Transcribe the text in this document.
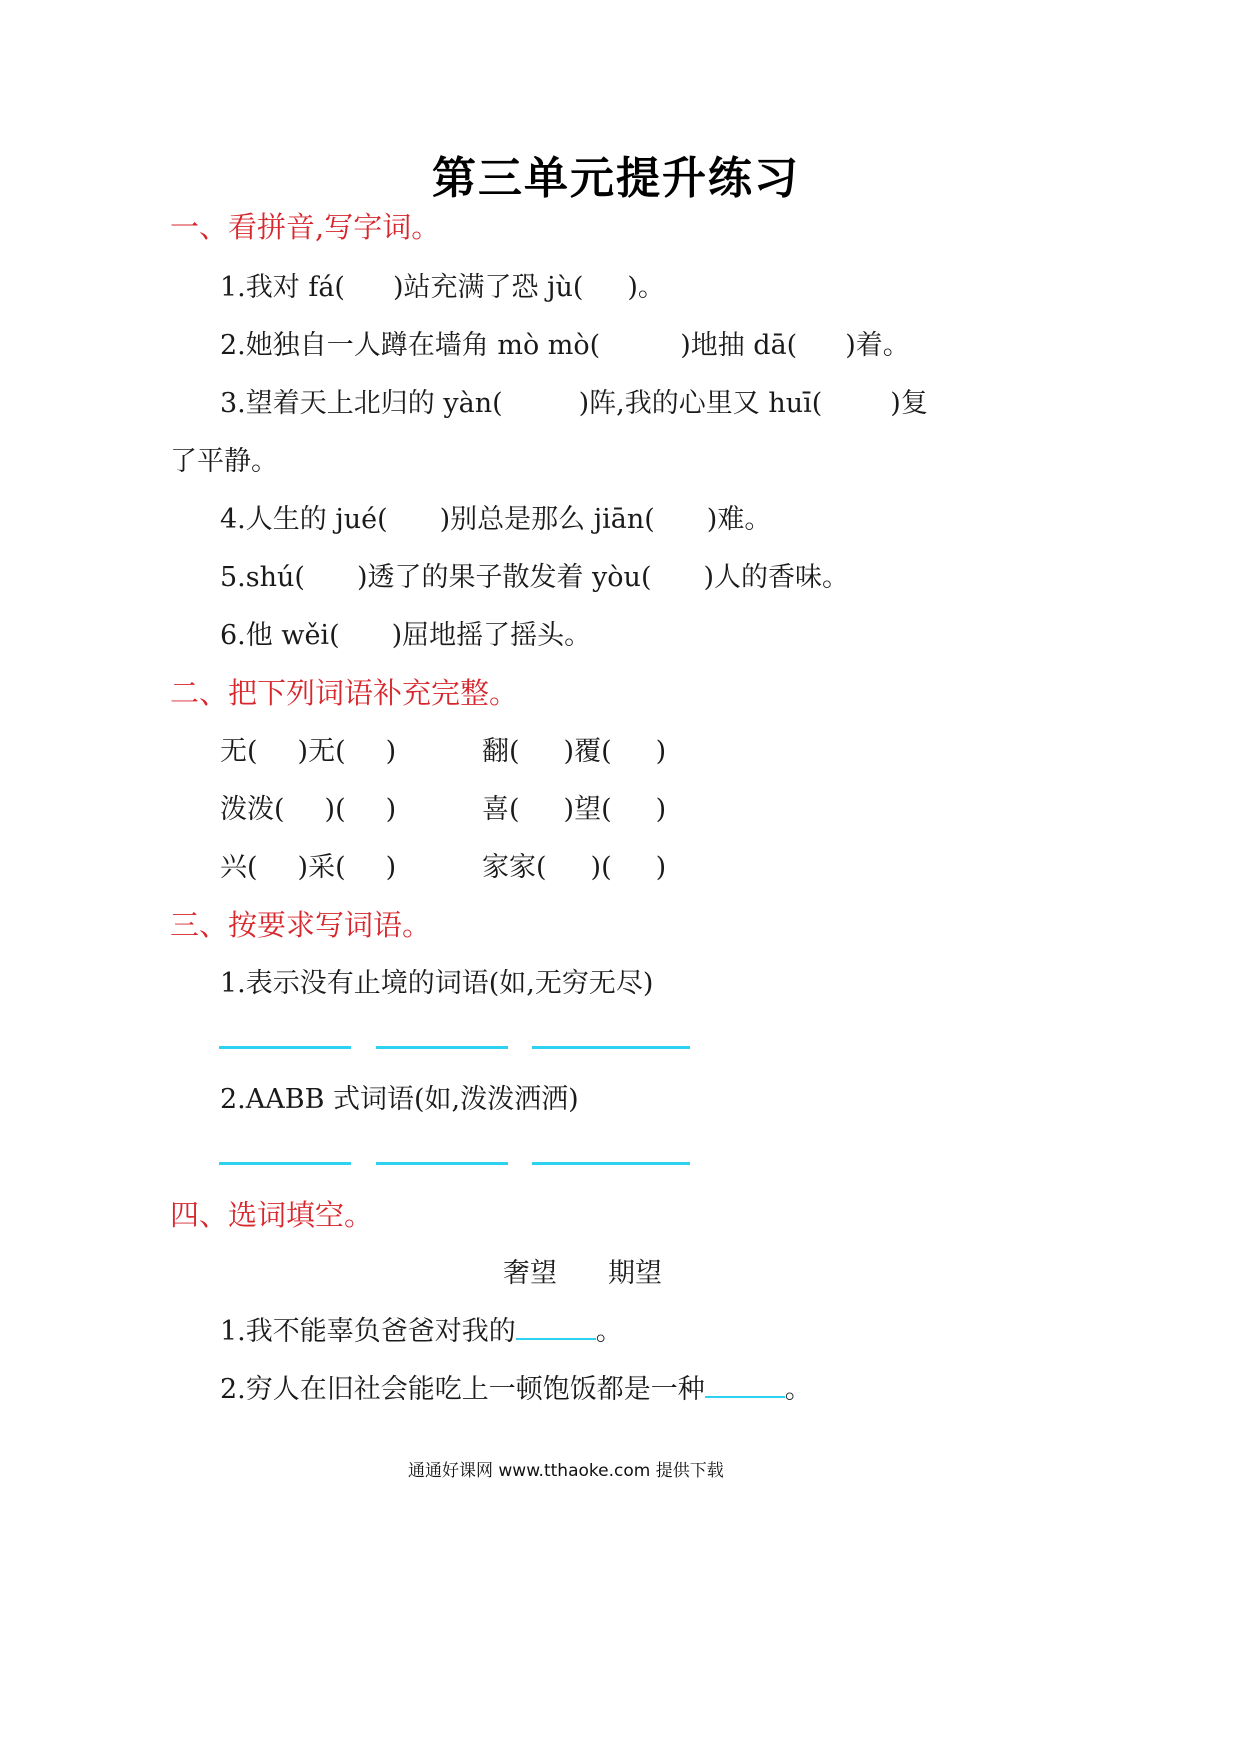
第三单元提升练习
一、看拼音,写字词。
1.我对 fá( )站充满了恐 jù( )。
2.她独自一人蹲在墙角 mò mò(	)地抽 dā( )着。
3.望着天上北归的 yàn(	)阵,我的心里又 huī(	)复
了平静。
4.人生的 jué( )别总是那么 jiān( )难。
5.shú( )透了的果子散发着 yòu( )人的香味。
6.他 wěi( )屈地摇了摇头。
二、把下列词语补充完整。
无( )无( )	翻( )覆( )
泼泼( )( )	喜( )望( )
兴( )采( )	家家( )( )
三、按要求写词语。
1.表示没有止境的词语(如,无穷无尽)
2.AABB 式词语(如,泼泼洒洒)
四、选词填空。
奢望 期望
1.我不能辜负爸爸对我的	。
2.穷人在旧社会能吃上一顿饱饭都是一种	。
通通好课网 www.tthaoke.com 提供下载
